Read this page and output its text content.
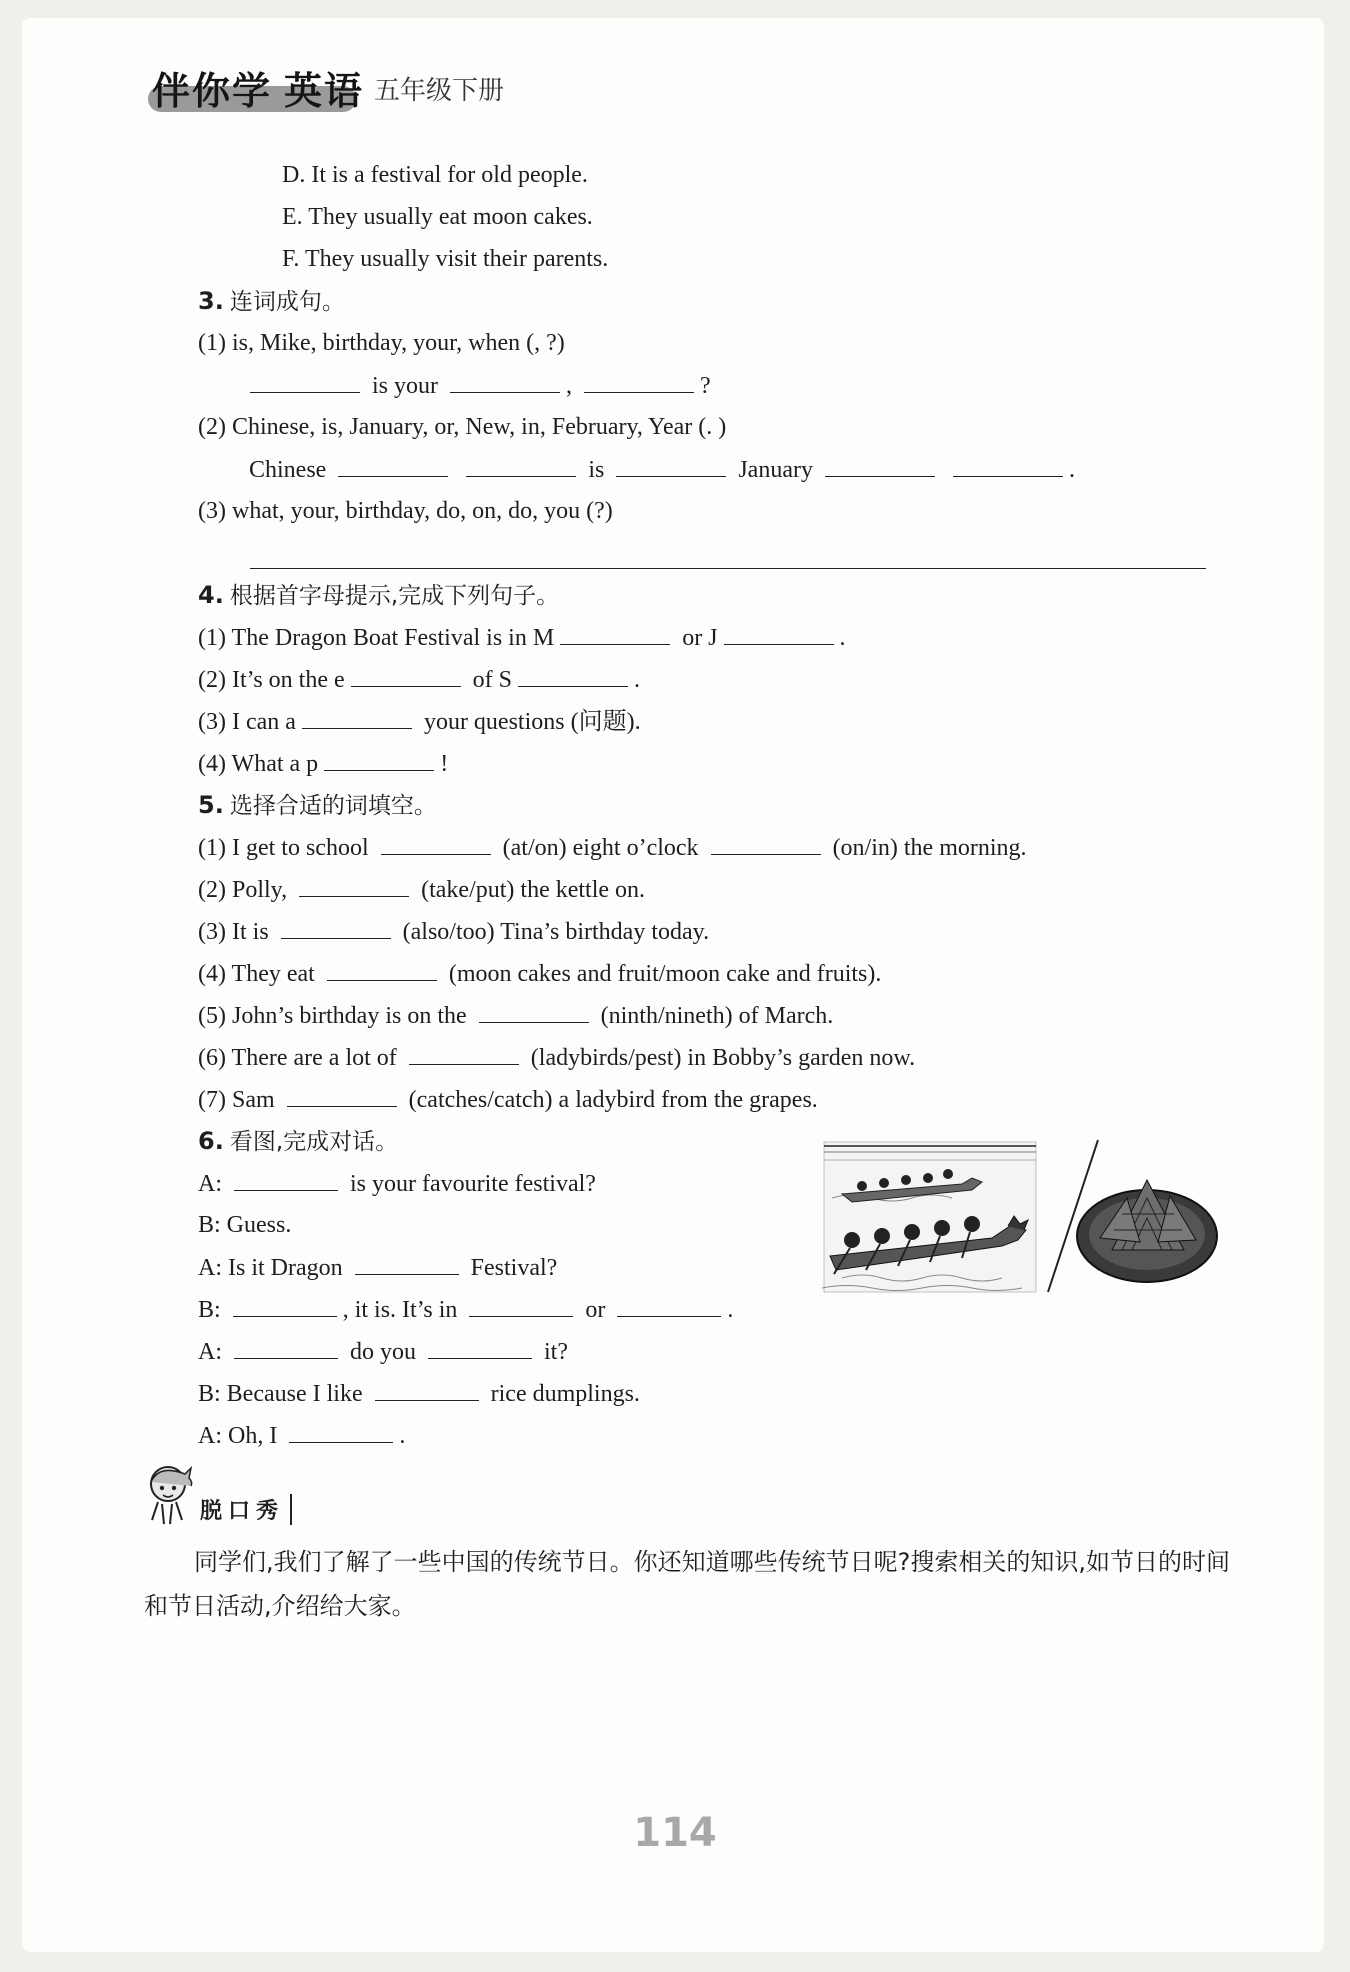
伴你学 英语 五年级下册
D. It is a festival for old people.
E. They usually eat moon cakes.
F. They usually visit their parents.
3. 连词成句。
(1) is, Mike, birthday, your, when (, ?)
is your	,	?
(2) Chinese, is, January, or, New, in, February, Year (. )
Chinese	is	January	.
(3) what, your, birthday, do, on, do, you (?)
4. 根据首字母提示,完成下列句子。
(1) The Dragon Boat Festival is in M	or J	.
(2) It’s on the e	of S	.
(3) I can a	your questions (问题).
(4) What a p	!
5. 选择合适的词填空。
(1) I get to school	(at/on) eight o’clock	(on/in) the morning.
(2) Polly,	(take/put) the kettle on.
(3) It is	(also/too) Tina’s birthday today.
(4) They eat	(moon cakes and fruit/moon cake and fruits).
(5) John’s birthday is on the	(ninth/nineth) of March.
(6) There are a lot of	(ladybirds/pest) in Bobby’s garden now.
(7) Sam	(catches/catch) a ladybird from the grapes.
6. 看图,完成对话。
A:	is your favourite festival?
B: Guess.
A: Is it Dragon	Festival?
B:	, it is. It’s in	or	.
A:	do you	it?
B: Because I like	rice dumplings.
A: Oh, I	.
脱口秀
同学们,我们了解了一些中国的传统节日。你还知道哪些传统节日呢?搜索相关的知识,如节日的时间和节日活动,介绍给大家。
114
